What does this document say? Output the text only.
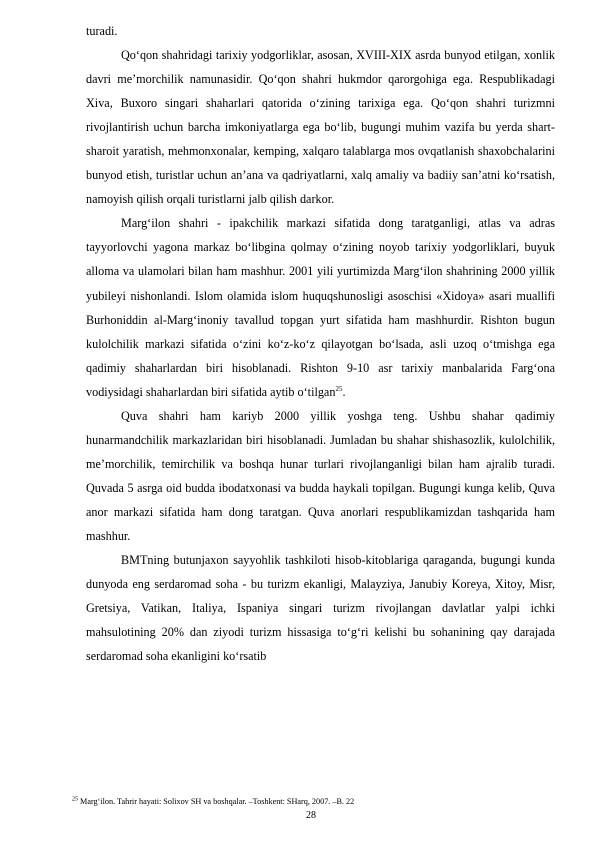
turadi.

Qo‘qon shahridagi tarixiy yodgorliklar, asosan, XVIII-XIX asrda bunyod etilgan, xonlik davri me’morchilik namunasidir. Qo‘qon shahri hukmdor qarorgohiga ega. Respublikadagi Xiva, Buxoro singari shaharlari qatorida o‘zining tarixiga ega. Qo‘qon shahri turizmni rivojlantirish uchun barcha imkoniyatlarga ega bo‘lib, bugungi muhim vazifa bu yerda shart-sharoit yaratish, mehmonxonalar, kemping, xalqaro talablarga mos ovqatlanish shaxobchalarini bunyod etish, turistlar uchun an’ana va qadriyatlarni, xalq amaliy va badiiy san’atni ko‘rsatish, namoyish qilish orqali turistlarni jalb qilish darkor.

Marg‘ilon shahri - ipakchilik markazi sifatida dong taratganligi, atlas va adras tayyorlovchi yagona markaz bo‘libgina qolmay o‘zining noyob tarixiy yodgorliklari, buyuk alloma va ulamolari bilan ham mashhur. 2001 yili yurtimizda Marg‘ilon shahrining 2000 yillik yubileyi nishonlandi. Islom olamida islom huquqshunosligi asoschisi «Xidoya» asari muallifi Burhoniddin al-Marg‘inoniy tavallud topgan yurt sifatida ham mashhurdir. Rishton bugun kulolchilik markazi sifatida o‘zini ko‘z-ko‘z qilayotgan bo‘lsada, asli uzoq o‘tmishga ega qadimiy shaharlardan biri hisoblanadi. Rishton 9-10 asr tarixiy manbalarida Farg‘ona vodiysidagi shaharlardan biri sifatida aytib o‘tilgan$^{25}$.

Quva shahri ham kariyb 2000 yillik yoshga teng. Ushbu shahar qadimiy hunarmandchilik markazlaridan biri hisoblanadi. Jumladan bu shahar shishasozlik, kulolchilik, me’morchilik, temirchilik va boshqa hunar turlari rivojlanganligi bilan ham ajralib turadi. Quvada 5 asrga oid budda ibodatxonasi va budda haykali topilgan. Bugungi kunga kelib, Quva anor markazi sifatida ham dong taratgan. Quva anorlari respublikamizdan tashqarida ham mashhur.

BMTning butunjaxon sayyohlik tashkiloti hisob-kitoblariga qaraganda, bugungi kunda dunyoda eng serdaromad soha - bu turizm ekanligi, Malayziya, Janubiy Koreya, Xitoy, Misr, Gretsiya, Vatikan, Italiya, Ispaniya singari turizm rivojlangan davlatlar yalpi ichki mahsulotining 20% dan ziyodi turizm hissasiga to‘g‘ri kelishi bu sohanining qay darajada serdaromad soha ekanligini ko‘rsatib

$^{25}$ Marg‘ilon. Tahrir hayati: Solixov SH va boshqalar. –Toshkent: SHarq, 2007. –B. 22
28
